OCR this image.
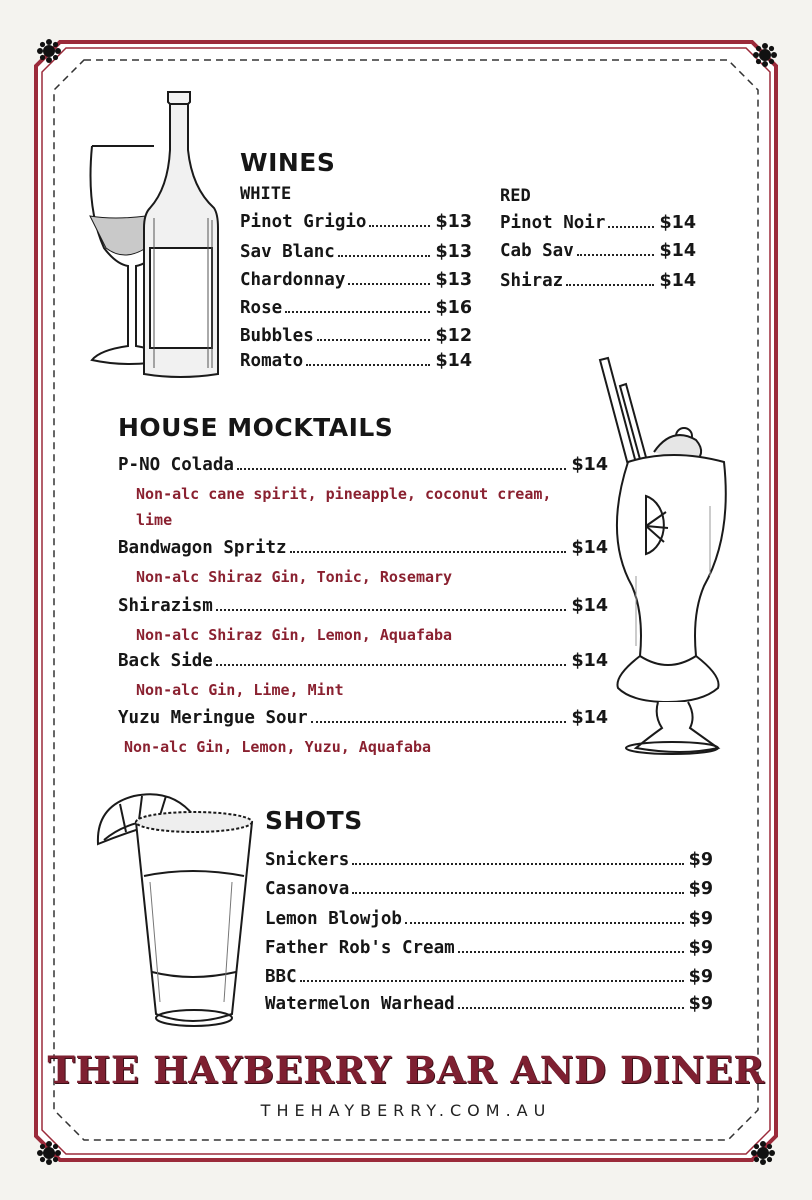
WINES
WHITE	RED
Pinot Grigio	$13
Sav Blanc	$13
Chardonnay	$13
Rose	$16
Bubbles	$12
Romato	$14
Pinot Noir	$14
Cab Sav	$14
Shiraz	$14
HOUSE MOCKTAILS
P-NO Colada	$14
Non-alc cane spirit, pineapple, coconut cream, lime
Bandwagon Spritz	$14
Non-alc Shiraz Gin, Tonic, Rosemary
Shirazism	$14
Non-alc Shiraz Gin, Lemon, Aquafaba
Back Side	$14
Non-alc Gin, Lime, Mint
Yuzu Meringue Sour	$14
Non-alc Gin, Lemon, Yuzu, Aquafaba
SHOTS
Snickers	$9
Casanova	$9
Lemon Blowjob	$9
Father Rob's Cream	$9
BBC	$9
Watermelon Warhead	$9
THE HAYBERRY BAR AND DINER
THEHAYBERRY.COM.AU
